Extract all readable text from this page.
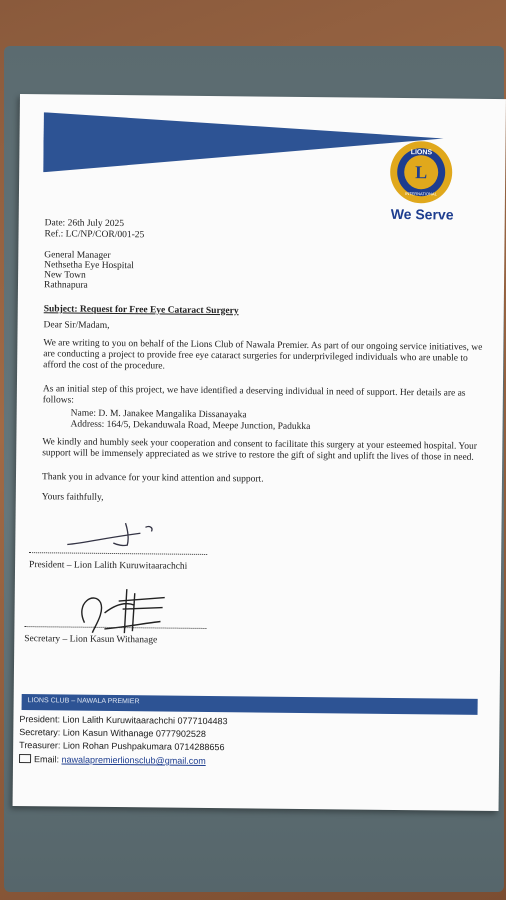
L
LIONS
INTERNATIONAL
We Serve
Date: 26th July 2025
Ref.: LC/NP/COR/001-25
General Manager
Nethsetha Eye Hospital
New Town
Rathnapura
Subject: Request for Free Eye Cataract Surgery
Dear Sir/Madam,
We are writing to you on behalf of the Lions Club of Nawala Premier. As part of our ongoing service initiatives, we are conducting a project to provide free eye cataract surgeries for underprivileged individuals who are unable to afford the cost of the procedure.
As an initial step of this project, we have identified a deserving individual in need of support. Her details are as follows:
Name: D. M. Janakee Mangalika Dissanayaka
Address: 164/5, Dekanduwala Road, Meepe Junction, Padukka
We kindly and humbly seek your cooperation and consent to facilitate this surgery at your esteemed hospital. Your support will be immensely appreciated as we strive to restore the gift of sight and uplift the lives of those in need.
Thank you in advance for your kind attention and support.
Yours faithfully,
President – Lion Lalith Kuruwitaarachchi
Secretary – Lion Kasun Withanage
LIONS CLUB – NAWALA PREMIER
President: Lion Lalith Kuruwitaarachchi 0777104483
Secretary: Lion Kasun Withanage 0777902528
Treasurer: Lion Rohan Pushpakumara 0714288656
Email: nawalapremierlionsclub@gmail.com
